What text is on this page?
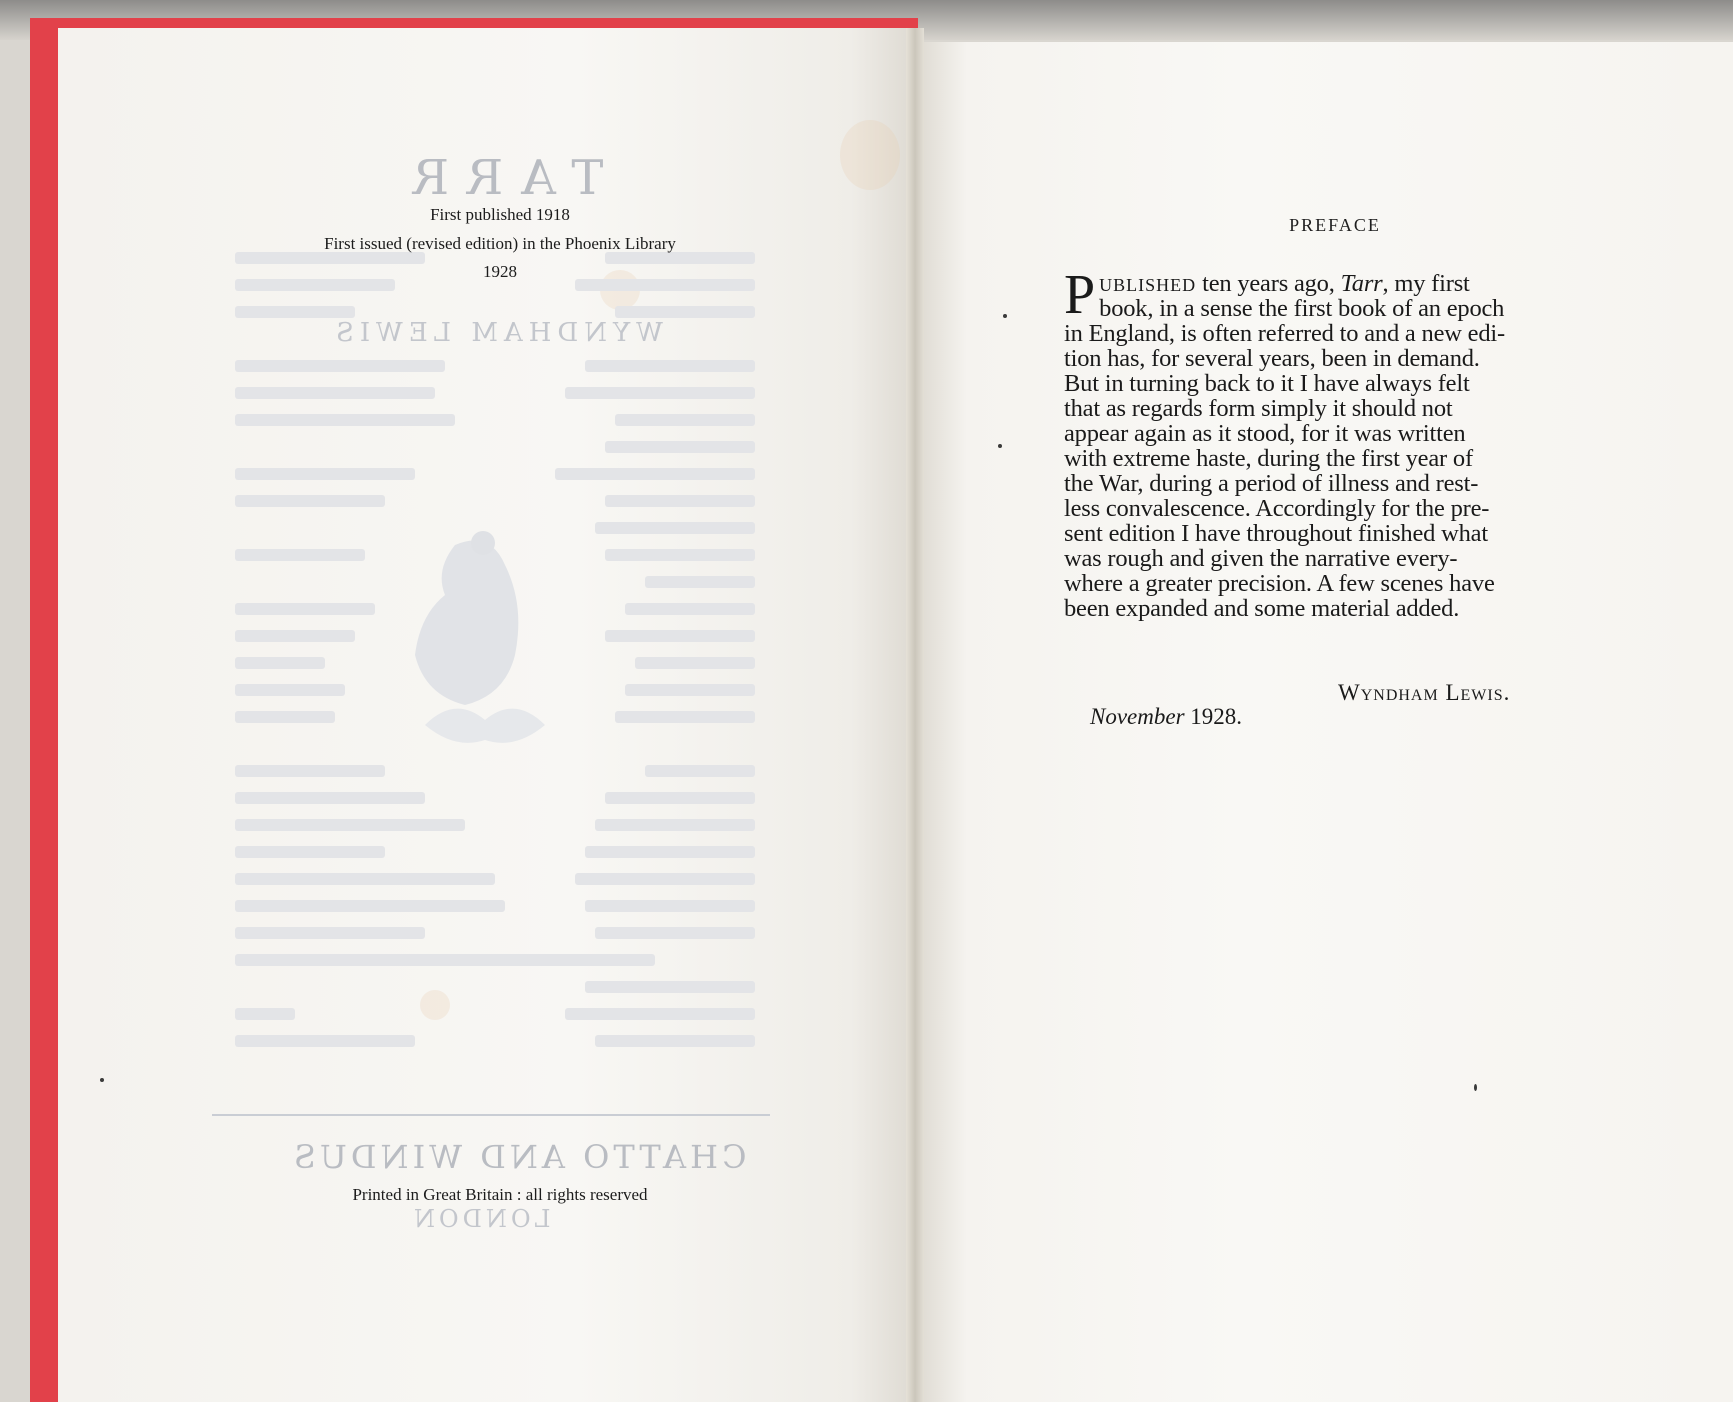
TARR
WYNDHAM LEWIS
CHATTO AND WINDUS
LONDON
First published 1918
First issued (revised edition) in the Phoenix Library
1928
Printed in Great Britain : all rights reserved
PREFACE
P UBLISHED ten years ago, Tarr, my first
book, in a sense the first book of an epoch
in England, is often referred to and a new edi-
tion has, for several years, been in demand.
But in turning back to it I have always felt
that as regards form simply it should not
appear again as it stood, for it was written
with extreme haste, during the first year of
the War, during a period of illness and rest-
less convalescence. Accordingly for the pre-
sent edition I have throughout finished what
was rough and given the narrative every-
where a greater precision. A few scenes have
been expanded and some material added.
Wyndham Lewis.
November 1928.
